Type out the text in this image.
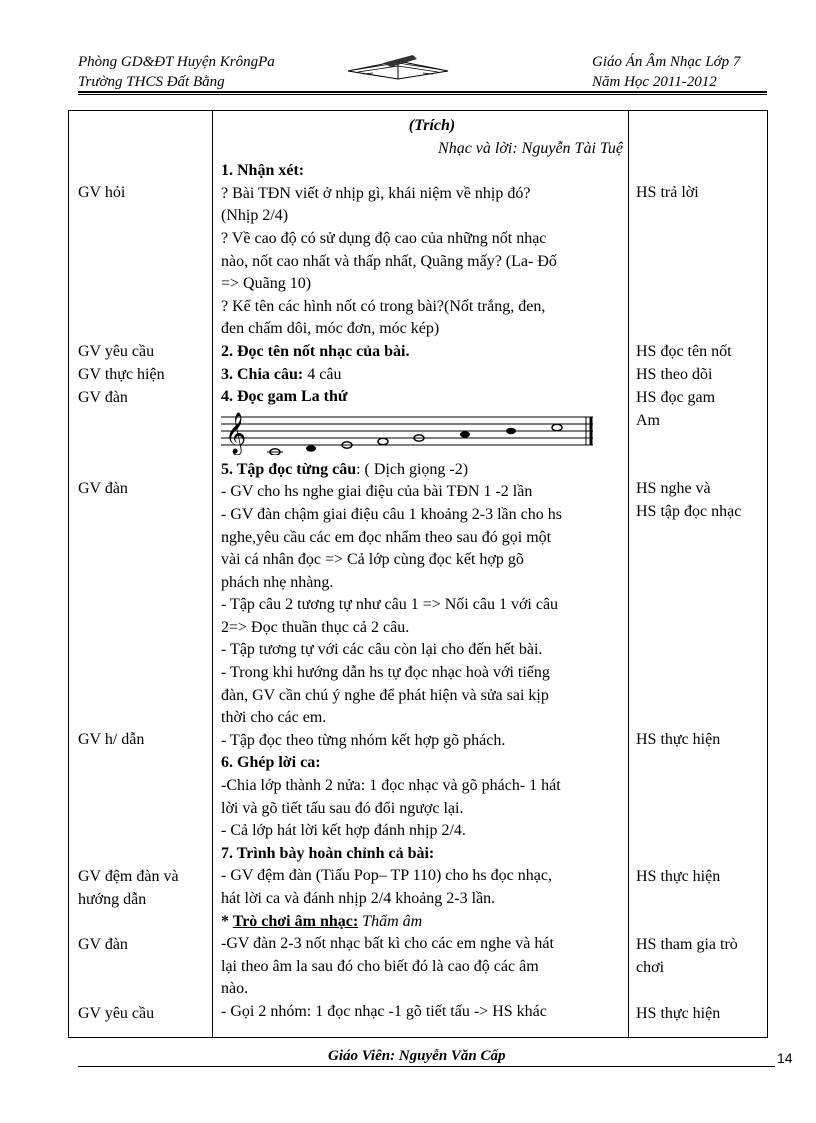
Phòng GD&ĐT Huyện KrôngPa
Trường THCS Đất Bằng
Giáo Án Âm Nhạc Lớp 7
Năm Học 2011-2012
GV hỏi
GV yêu cầu
GV thực hiện
GV đàn
GV đàn
GV h/ dẫn
GV đệm đàn và
hướng dẫn
GV đàn
GV yêu cầu
(Trích)
Nhạc và lời: Nguyễn Tài Tuệ
1. Nhận xét:
? Bài TĐN viết ở nhịp gì, khái niệm về nhịp đó?
(Nhịp 2/4)
? Về cao độ có sử dụng độ cao của những nốt nhạc
nào, nốt cao nhất và thấp nhất, Quãng mấy? (La- Đố
=> Quãng 10)
? Kể tên các hình nốt có trong bài?(Nốt trắng, đen,
đen chấm dôi, móc đơn, móc kép)
2. Đọc tên nốt nhạc của bài.
3. Chia câu: 4 câu
4. Đọc gam La thứ
𝄞
5. Tập đọc từng câu: ( Dịch giọng -2)
- GV cho hs nghe giai điệu của bài TĐN 1 -2 lần
- GV đàn chậm giai điệu câu 1 khoảng 2-3 lần cho hs
nghe,yêu cầu các em đọc nhẩm theo sau đó gọi một
vài cá nhân đọc => Cả lớp cùng đọc kết hợp gõ
phách nhẹ nhàng.
- Tập câu 2 tương tự như câu 1 => Nối câu 1 với câu
2=> Đọc thuần thục cả 2 câu.
- Tập tương tự với các câu còn lại cho đến hết bài.
- Trong khi hướng dẫn hs tự đọc nhạc hoà với tiếng
đàn, GV cần chú ý nghe để phát hiện và sửa sai kịp
thời cho các em.
- Tập đọc theo từng nhóm kết hợp gõ phách.
6. Ghép lời ca:
-Chia lớp thành 2 nửa: 1 đọc nhạc và gõ phách- 1 hát
lời và gõ tiết tấu sau đó đổi ngược lại.
- Cả lớp hát lời kết hợp đánh nhịp 2/4.
7. Trình bày hoàn chỉnh cả bài:
- GV đệm đàn (Tiấu Pop– TP 110) cho hs đọc nhạc,
hát lời ca và đánh nhịp 2/4 khoảng 2-3 lần.
* Trò chơi âm nhạc: Thẩm âm
-GV đàn 2-3 nốt nhạc bất kì cho các em nghe và hát
lại theo âm la sau đó cho biết đó là cao độ các âm
nào.
- Gọi 2 nhóm: 1 đọc nhạc -1 gõ tiết tấu -> HS khác
HS trả lời
HS đọc tên nốt
HS theo dõi
HS đọc gam
Am
HS nghe và
HS tập đọc nhạc
HS thực hiện
HS thực hiện
HS tham gia trò
chơi
HS thực hiện
Giáo Viên: Nguyễn Văn Cấp	14
